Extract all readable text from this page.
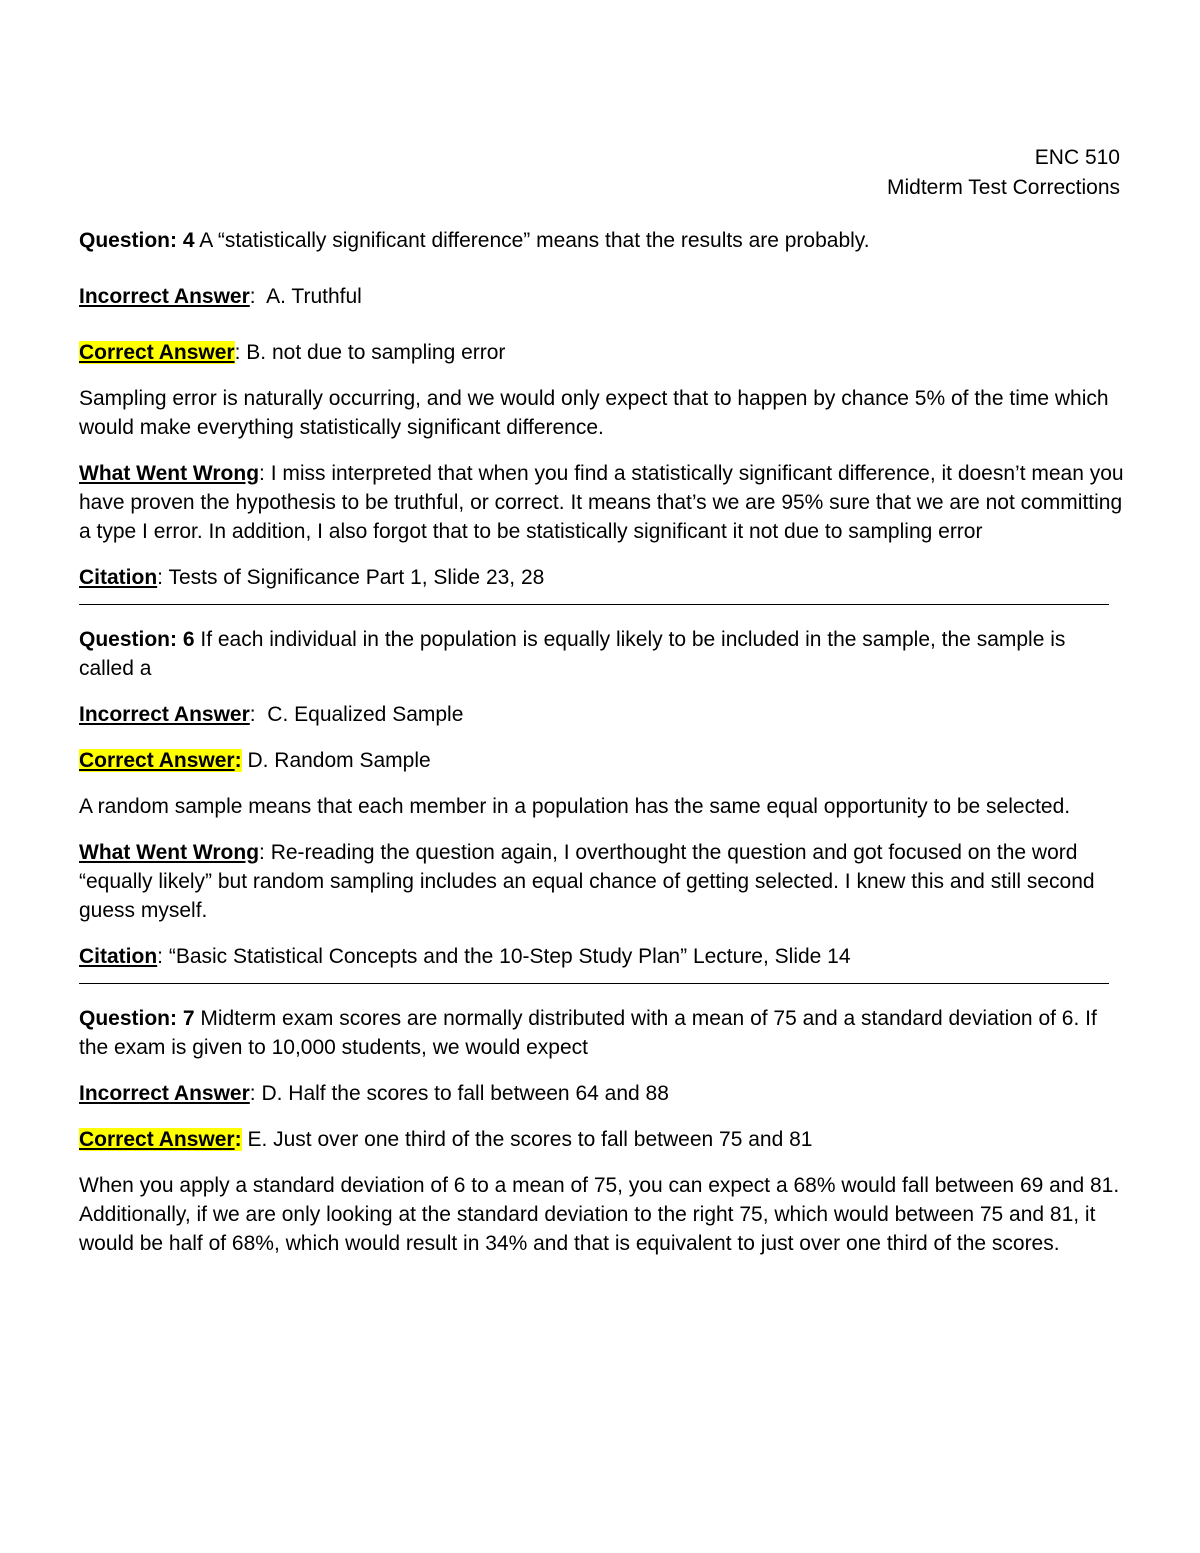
ENC 510
Midterm Test Corrections

Question: 4 A “statistically significant difference” means that the results are probably.

Incorrect Answer:  A. Truthful

Correct Answer: B. not due to sampling error

Sampling error is naturally occurring, and we would only expect that to happen by chance 5% of the time which would make everything statistically significant difference.

What Went Wrong: I miss interpreted that when you find a statistically significant difference, it doesn’t mean you have proven the hypothesis to be truthful, or correct. It means that’s we are 95% sure that we are not committing a type I error. In addition, I also forgot that to be statistically significant it not due to sampling error

Citation: Tests of Significance Part 1, Slide 23, 28

Question: 6 If each individual in the population is equally likely to be included in the sample, the sample is called a

Incorrect Answer:  C. Equalized Sample

Correct Answer: D. Random Sample

A random sample means that each member in a population has the same equal opportunity to be selected.

What Went Wrong: Re-reading the question again, I overthought the question and got focused on the word “equally likely” but random sampling includes an equal chance of getting selected. I knew this and still second guess myself.

Citation: “Basic Statistical Concepts and the 10-Step Study Plan” Lecture, Slide 14

Question: 7 Midterm exam scores are normally distributed with a mean of 75 and a standard deviation of 6. If the exam is given to 10,000 students, we would expect

Incorrect Answer: D. Half the scores to fall between 64 and 88

Correct Answer: E. Just over one third of the scores to fall between 75 and 81

When you apply a standard deviation of 6 to a mean of 75, you can expect a 68% would fall between 69 and 81. Additionally, if we are only looking at the standard deviation to the right 75, which would between 75 and 81, it would be half of 68%, which would result in 34% and that is equivalent to just over one third of the scores.
